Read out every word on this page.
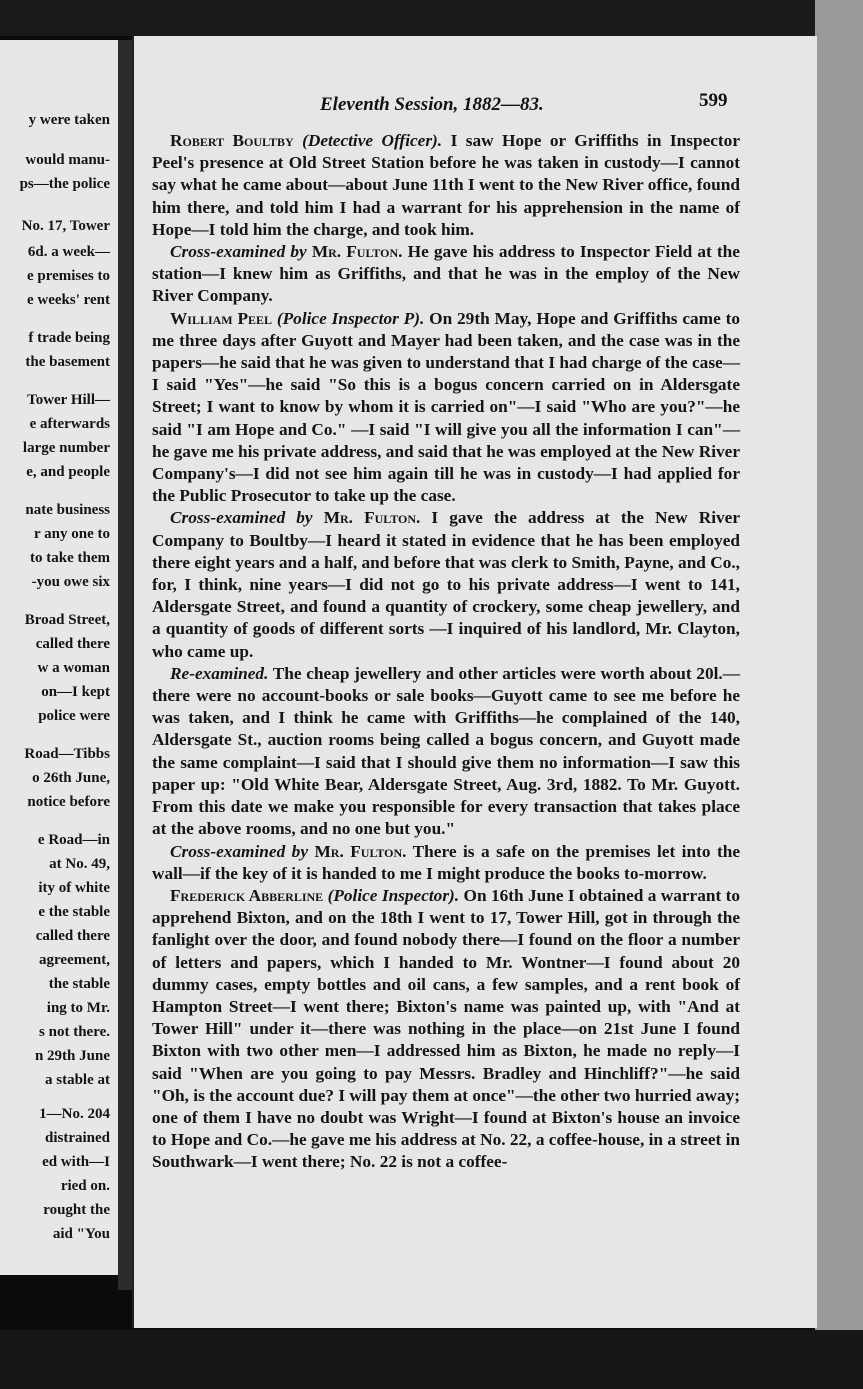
y were taken
would manu-
ps—the police
No. 17, Tower
6d. a week—
e premises to
e weeks' rent
f trade being
the basement
Tower Hill—
e afterwards
large number
e, and people
nate business
r any one to
to take them
-you owe six
Broad Street,
called there
w a woman
on—I kept
police were
Road—Tibbs
o 26th June,
notice before
e Road—in
at No. 49,
ity of white
e the stable
called there
agreement,
the stable
ing to Mr.
s not there.
n 29th June
a stable at
1—No. 204
distrained
ed with—I
ried on.
rought the
aid "You
Eleventh Session, 1882—83.	599

Robert Boultby (Detective Officer). I saw Hope or Griffiths in Inspector Peel's presence at Old Street Station before he was taken in custody—I cannot say what he came about—about June 11th I went to the New River office, found him there, and told him I had a warrant for his apprehension in the name of Hope—I told him the charge, and took him.

Cross-examined by Mr. Fulton. He gave his address to Inspector Field at the station—I knew him as Griffiths, and that he was in the employ of the New River Company.

William Peel (Police Inspector P). On 29th May, Hope and Griffiths came to me three days after Guyott and Mayer had been taken, and the case was in the papers—he said that he was given to understand that I had charge of the case—I said "Yes"—he said "So this is a bogus concern carried on in Aldersgate Street; I want to know by whom it is carried on"—I said "Who are you?"—he said "I am Hope and Co." —I said "I will give you all the information I can"—he gave me his private address, and said that he was employed at the New River Company's—I did not see him again till he was in custody—I had applied for the Public Prosecutor to take up the case.

Cross-examined by Mr. Fulton. I gave the address at the New River Company to Boultby—I heard it stated in evidence that he has been employed there eight years and a half, and before that was clerk to Smith, Payne, and Co., for, I think, nine years—I did not go to his private address—I went to 141, Aldersgate Street, and found a quantity of crockery, some cheap jewellery, and a quantity of goods of different sorts —I inquired of his landlord, Mr. Clayton, who came up.

Re-examined. The cheap jewellery and other articles were worth about 20l.—there were no account-books or sale books—Guyott came to see me before he was taken, and I think he came with Griffiths—he complained of the 140, Aldersgate St., auction rooms being called a bogus concern, and Guyott made the same complaint—I said that I should give them no information—I saw this paper up: "Old White Bear, Aldersgate Street, Aug. 3rd, 1882. To Mr. Guyott. From this date we make you responsible for every transaction that takes place at the above rooms, and no one but you."

Cross-examined by Mr. Fulton. There is a safe on the premises let into the wall—if the key of it is handed to me I might produce the books to-morrow.

Frederick Abberline (Police Inspector). On 16th June I obtained a warrant to apprehend Bixton, and on the 18th I went to 17, Tower Hill, got in through the fanlight over the door, and found nobody there—I found on the floor a number of letters and papers, which I handed to Mr. Wontner—I found about 20 dummy cases, empty bottles and oil cans, a few samples, and a rent book of Hampton Street—I went there; Bixton's name was painted up, with "And at Tower Hill" under it—there was nothing in the place—on 21st June I found Bixton with two other men—I addressed him as Bixton, he made no reply—I said "When are you going to pay Messrs. Bradley and Hinchliff?"—he said "Oh, is the account due? I will pay them at once"—the other two hurried away; one of them I have no doubt was Wright—I found at Bixton's house an invoice to Hope and Co.—he gave me his address at No. 22, a coffee-house, in a street in Southwark—I went there; No. 22 is not a coffee-
